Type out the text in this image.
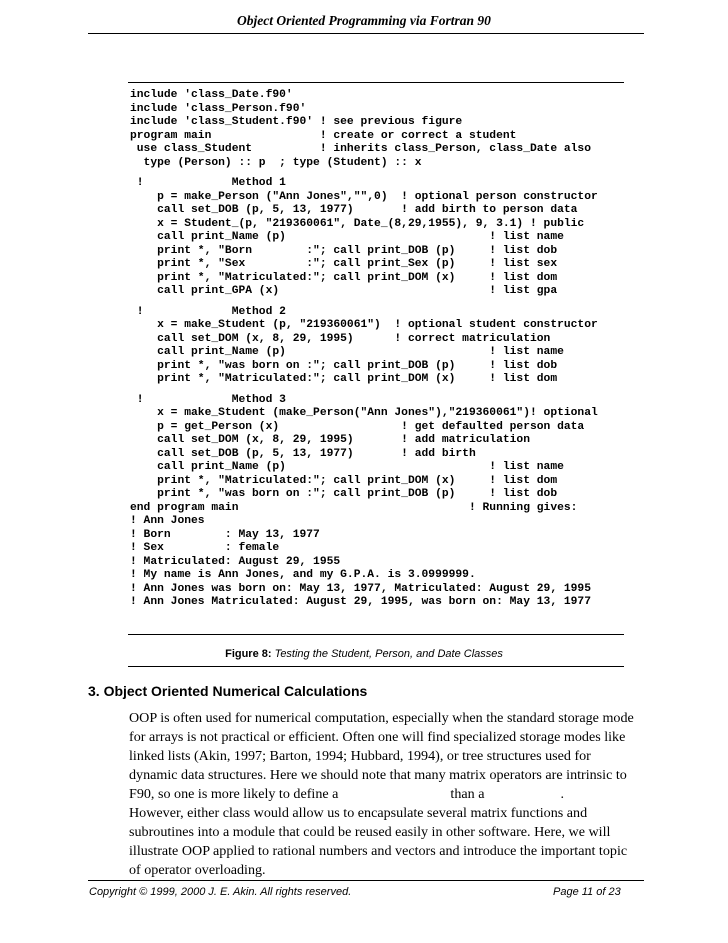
Object Oriented Programming via Fortran 90
include 'class_Date.f90'
include 'class_Person.f90'
include 'class_Student.f90' ! see previous figure
program main                ! create or correct a student
use class_Student          ! inherits class_Person, class_Date also
type (Person) :: p  ; type (Student) :: x
!             Method 1
p = make_Person ("Ann Jones","",0)  ! optional person constructor
call set_DOB (p, 5, 13, 1977)       ! add birth to person data
x = Student_(p, "219360061", Date_(8,29,1955), 9, 3.1) ! public
call print_Name (p)                              ! list name
print *, "Born        :"; call print_DOB (p)     ! list dob
print *, "Sex         :"; call print_Sex (p)     ! list sex
print *, "Matriculated:"; call print_DOM (x)     ! list dom
call print_GPA (x)                               ! list gpa
!             Method 2
x = make_Student (p, "219360061")  ! optional student constructor
call set_DOM (x, 8, 29, 1995)      ! correct matriculation
call print_Name (p)                              ! list name
print *, "was born on :"; call print_DOB (p)     ! list dob
print *, "Matriculated:"; call print_DOM (x)     ! list dom
!             Method 3
x = make_Student (make_Person("Ann Jones"),"219360061")! optional
p = get_Person (x)                  ! get defaulted person data
call set_DOM (x, 8, 29, 1995)       ! add matriculation
call set_DOB (p, 5, 13, 1977)       ! add birth
call print_Name (p)                              ! list name
print *, "Matriculated:"; call print_DOM (x)     ! list dom
print *, "was born on :"; call print_DOB (p)     ! list dob
end program main                                  ! Running gives:
! Ann Jones
! Born        : May 13, 1977
! Sex         : female
! Matriculated: August 29, 1955
! My name is Ann Jones, and my G.P.A. is 3.0999999.
! Ann Jones was born on: May 13, 1977, Matriculated: August 29, 1995
! Ann Jones Matriculated: August 29, 1995, was born on: May 13, 1977
Figure 8: Testing the Student, Person, and Date Classes
3. Object Oriented Numerical Calculations

OOP is often used for numerical computation, especially when the standard storage mode

for arrays is not practical or efficient. Often one will find specialized storage modes like

linked lists (Akin, 1997; Barton, 1994; Hubbard, 1994), or tree structures used for

dynamic data structures. Here we should note that many matrix operators are intrinsic to

F90, so one is more likely to define a	than a	.

However, either class would allow us to encapsulate several matrix functions and

subroutines into a module that could be reused easily in other software. Here, we will

illustrate OOP applied to rational numbers and vectors and introduce the important topic

of operator overloading.

Copyright © 1999, 2000 J. E. Akin. All rights reserved.	Page 11 of 23
